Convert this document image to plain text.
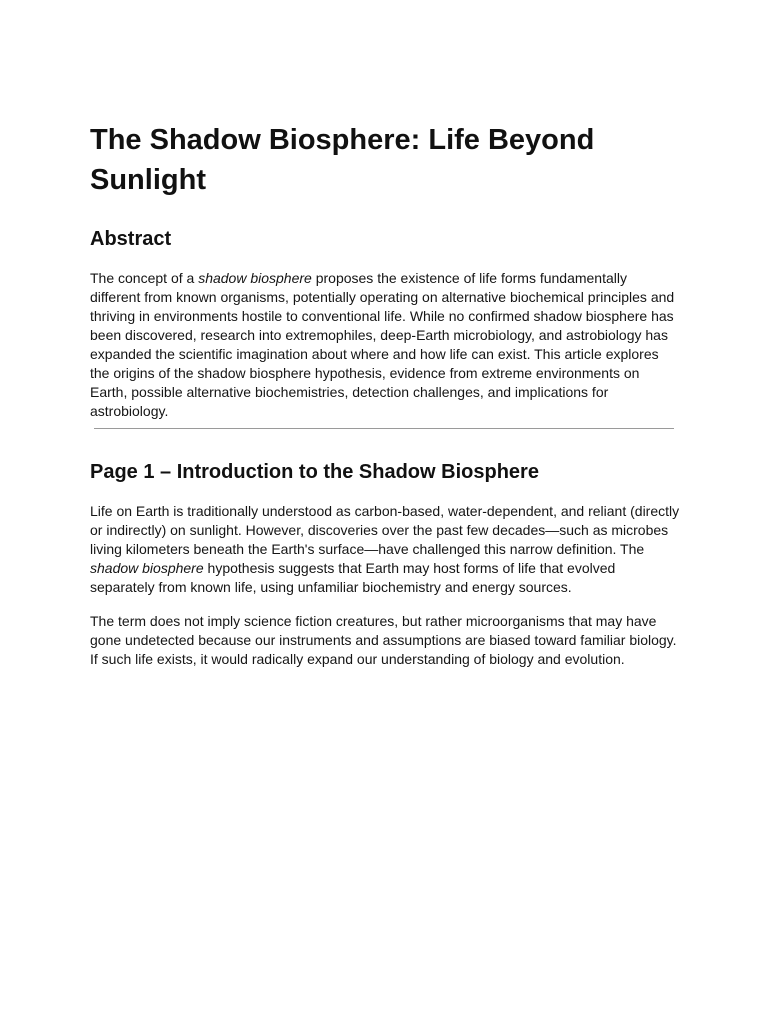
The Shadow Biosphere: Life Beyond Sunlight
Abstract

The concept of a shadow biosphere proposes the existence of life forms fundamentally different from known organisms, potentially operating on alternative biochemical principles and thriving in environments hostile to conventional life. While no confirmed shadow biosphere has been discovered, research into extremophiles, deep-Earth microbiology, and astrobiology has expanded the scientific imagination about where and how life can exist. This article explores the origins of the shadow biosphere hypothesis, evidence from extreme environments on Earth, possible alternative biochemistries, detection challenges, and implications for astrobiology.

Page 1 – Introduction to the Shadow Biosphere

Life on Earth is traditionally understood as carbon-based, water-dependent, and reliant (directly or indirectly) on sunlight. However, discoveries over the past few decades—such as microbes living kilometers beneath the Earth's surface—have challenged this narrow definition. The shadow biosphere hypothesis suggests that Earth may host forms of life that evolved separately from known life, using unfamiliar biochemistry and energy sources.

The term does not imply science fiction creatures, but rather microorganisms that may have gone undetected because our instruments and assumptions are biased toward familiar biology. If such life exists, it would radically expand our understanding of biology and evolution.
